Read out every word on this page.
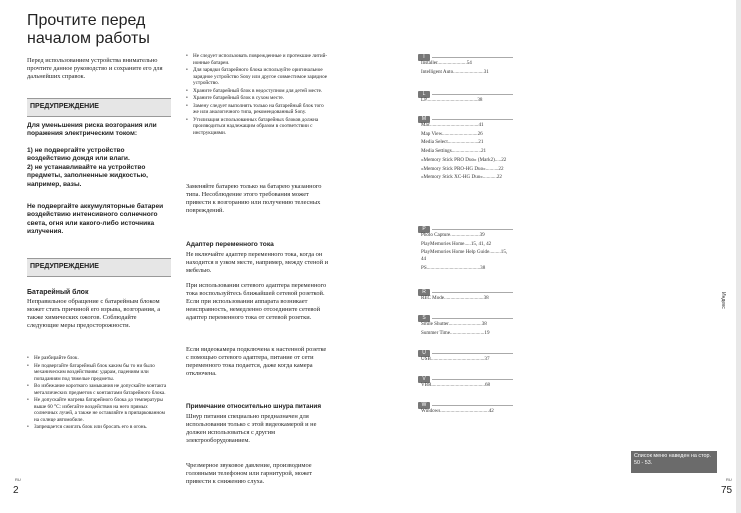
Прочтите перед началом работы
Перед использованием устройства внимательно прочтите данное руководство и сохраните его для дальнейших справок.
ПРЕДУПРЕЖДЕНИЕ
Для уменьшения риска возгорания или поражения электрическим током:
1) не подвергайте устройство воздействию дождя или влаги.
2) не устанавливайте на устройство предметы, заполненные жидкостью, например, вазы.
Не подвергайте аккумуляторные батареи воздействию интенсивного солнечного света, огня или какого-либо источника излучения.
ПРЕДУПРЕЖДЕНИЕ
Батарейный блок
Неправильное обращение с батарейным блоком может стать причиной его взрыва, возгорания, а также химических ожогов. Соблюдайте следующие меры предосторожности.
• Не разбирайте блок.
• Не подвергайте батарейный блок каким бы то ни было механическим воздействиям: ударам, падениям или попаданиям под тяжелые предметы.
• Во избежание короткого замыкания не допускайте контакта металлических предметов с контактами батарейного блока.
• Не допускайте нагрева батарейного блока до температуры выше 60 °C: избегайте воздействия на него прямых солнечных лучей, а также не оставляйте в припаркованном на солнце автомобиле.
• Запрещается сжигать блок или бросать его в огонь.
RU
2
• Не следует использовать поврежденные и протекшие литий-ионные батареи.
• Для зарядки батарейного блока используйте оригинальное зарядное устройство Sony или другое совместимое зарядное устройство.
• Храните батарейный блок в недоступном для детей месте.
• Храните батарейный блок в сухом месте.
• Замену следует выполнять только на батарейный блок того же или аналогичного типа, рекомендованный Sony.
• Утилизация использованных батарейных блоков должна производиться надлежащим образом в соответствии с инструкциями.
Заменяйте батарею только на батарею указанного типа. Несоблюдение этого требования может привести к возгоранию или получению телесных повреждений.
Адаптер переменного тока
Не включайте адаптер переменного тока, когда он находится в узком месте, например, между стеной и мебелью.
При использовании сетевого адаптера переменного тока воспользуйтесь ближайшей сетевой розеткой. Если при использовании аппарата возникает неисправность, немедленно отсоедините сетевой адаптер переменного тока от сетевой розетки.
Если видеокамера подключена к настенной розетке с помощью сетевого адаптера, питание от сети переменного тока подается, даже когда камера отключена.
Примечание относительно шнура питания
Шнур питания специально предназначен для использования только с этой видеокамерой и не должен использоваться с другим электрооборудованием.
Чрезмерное звуковое давление, производимое головными телефоном или гарнитурой, может привести к снижению слуха.
I
Installer.......................54
Intelligent Auto........................31
L
LP........................................38
M
Mac......................................41
Map View............................26
Media Select........................21
Media Settings.......................21
«Memory Stick PRO Duo» (Mark2).....22
«Memory Stick PRO-HG Duo»..........22
«Memory Stick XC-HG Duo»...........22
P
Photo Capture.......................39
PlayMemories Home.....15, 41, 42
PlayMemories Home Help Guide.........15, 44
PS..........................................38
R
REC Mode...............................38
S
Smile Shutter..........................38
Summer Time...........................19
U
USB..........................................37
V
VBR..........................................68
W
Windows......................................42
Индекс
Список меню наведен на стор. 50 - 53.
RU
75
